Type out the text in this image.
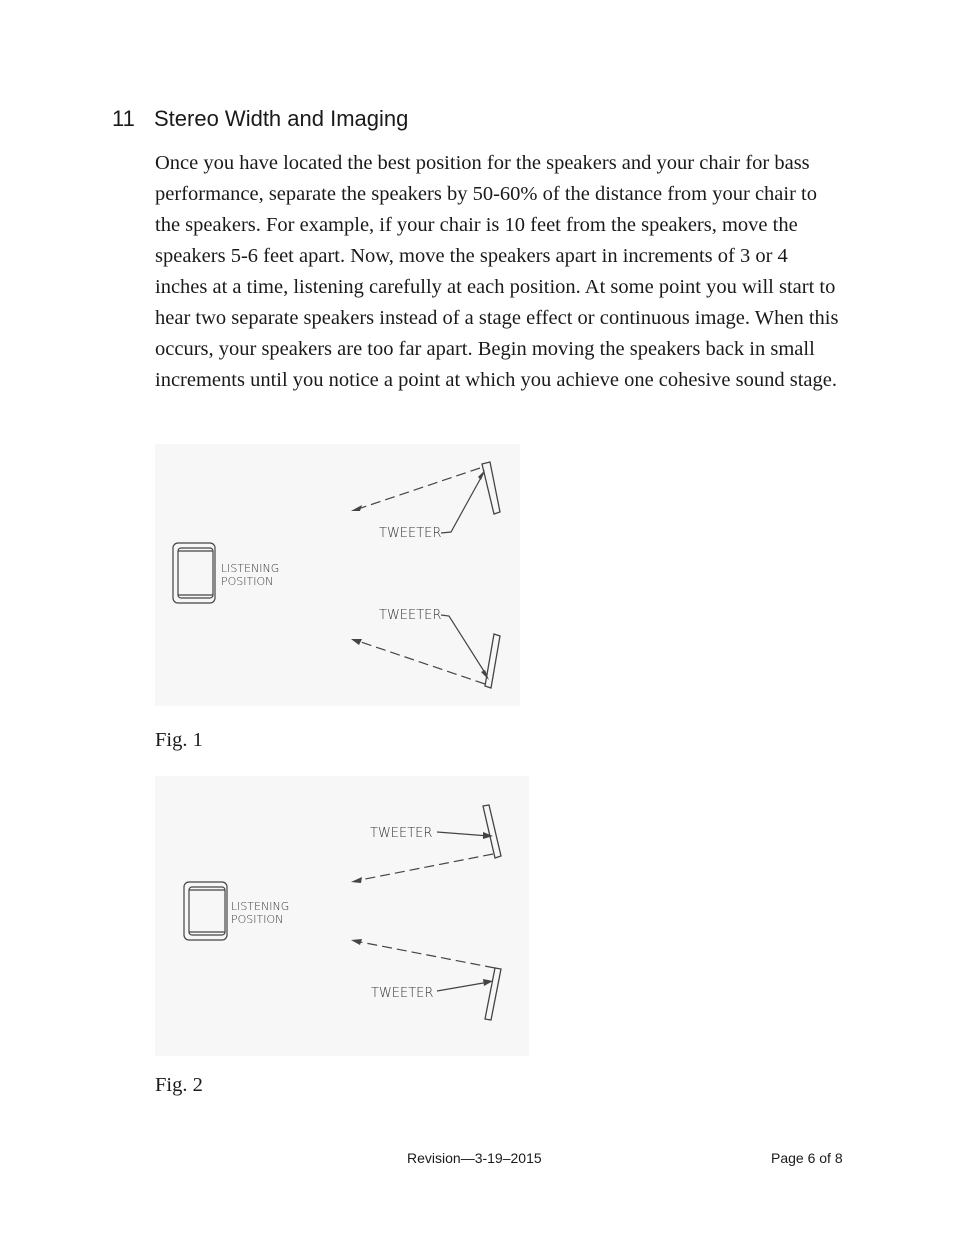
11 Stereo Width and Imaging

Once you have located the best position for the speakers and your chair for bass performance, separate the speakers by 50-60% of the distance from your chair to the speakers. For example, if your chair is 10 feet from the speakers, move the speakers 5-6 feet apart. Now, move the speakers apart in increments of 3 or 4 inches at a time, listening carefully at each position. At some point you will start to hear two separate speakers instead of a stage effect or continuous image. When this occurs, your speakers are too far apart. Begin moving the speakers back in small increments until you notice a point at which you achieve one cohesive sound stage.

LISTENING
POSITION
TWEETER
TWEETER
Fig. 1
LISTENING
POSITION
TWEETER
TWEETER
Fig. 2
Revision—3-19–2015	Page 6 of 8
